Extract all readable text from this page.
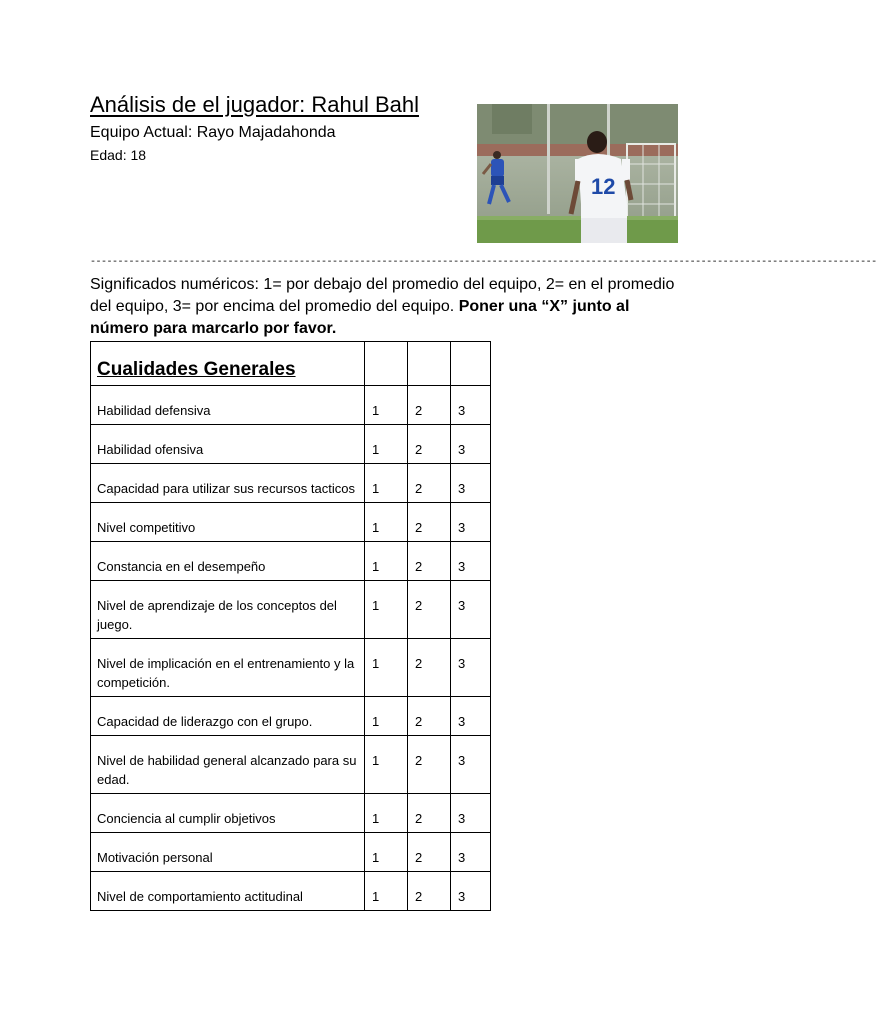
Análisis de el jugador: Rahul Bahl
Equipo Actual: Rayo Majadahonda
Edad: 18
12
-----------------------------------------------------------------------------------------------------------------------------------------------
Significados numéricos: 1= por debajo del promedio del equipo, 2= en el promedio del equipo, 3= por encima del promedio del equipo. Poner una “X” junto al número para marcarlo por favor.
Cualidades Generales			

Habilidad defensiva	1	2	3
Habilidad ofensiva	1	2	3
Capacidad para utilizar sus recursos tacticos	1	2	3
Nivel competitivo	1	2	3
Constancia en el desempeño	1	2	3
Nivel de aprendizaje de los conceptos del juego.	1	2	3
Nivel de implicación en el entrenamiento y la competición.	1	2	3
Capacidad de liderazgo con el grupo.	1	2	3
Nivel de habilidad general alcanzado para su edad.	1	2	3
Conciencia al cumplir objetivos	1	2	3
Motivación personal	1	2	3
Nivel de comportamiento actitudinal	1	2	3
